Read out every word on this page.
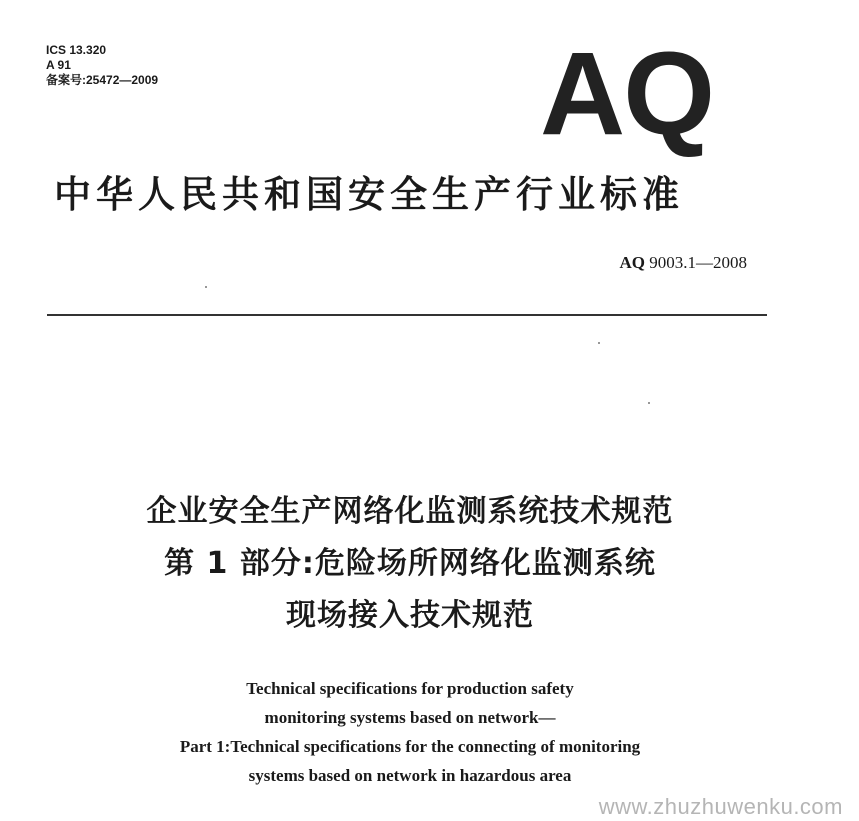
ICS 13.320
A 91
备案号:25472—2009	AQ
中华人民共和国安全生产行业标准
AQ 9003.1—2008
企业安全生产网络化监测系统技术规范
第 1 部分:危险场所网络化监测系统
现场接入技术规范
Technical specifications for production safety
monitoring systems based on network—
Part 1:Technical specifications for the connecting of monitoring
systems based on network in hazardous area
www.zhuzhuwenku.com
